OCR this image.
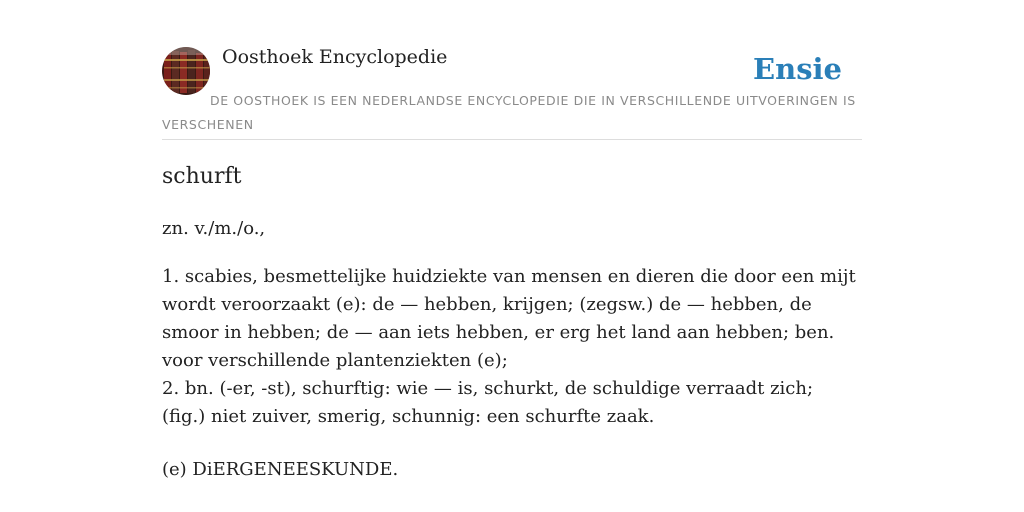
Oosthoek Encyclopedie	Ensie
DE OOSTHOEK IS EEN NEDERLANDSE ENCYCLOPEDIE DIE IN VERSCHILLENDE UITVOERINGEN IS VERSCHENEN
schurft
zn. v./m./o.,

1. scabies, besmettelijke huidziekte van mensen en dieren die door een mijt wordt veroorzaakt (e): de — hebben, krijgen; (zegsw.) de — hebben, de smoor in hebben; de — aan iets hebben, er erg het land aan hebben; ben. voor verschillende plantenziekten (e);

2. bn. (-er, -st), schurftig: wie — is, schurkt, de schuldige verraadt zich; (fig.) niet zuiver, smerig, schunnig: een schurfte zaak.

(e) DiERGENEESKUNDE.
